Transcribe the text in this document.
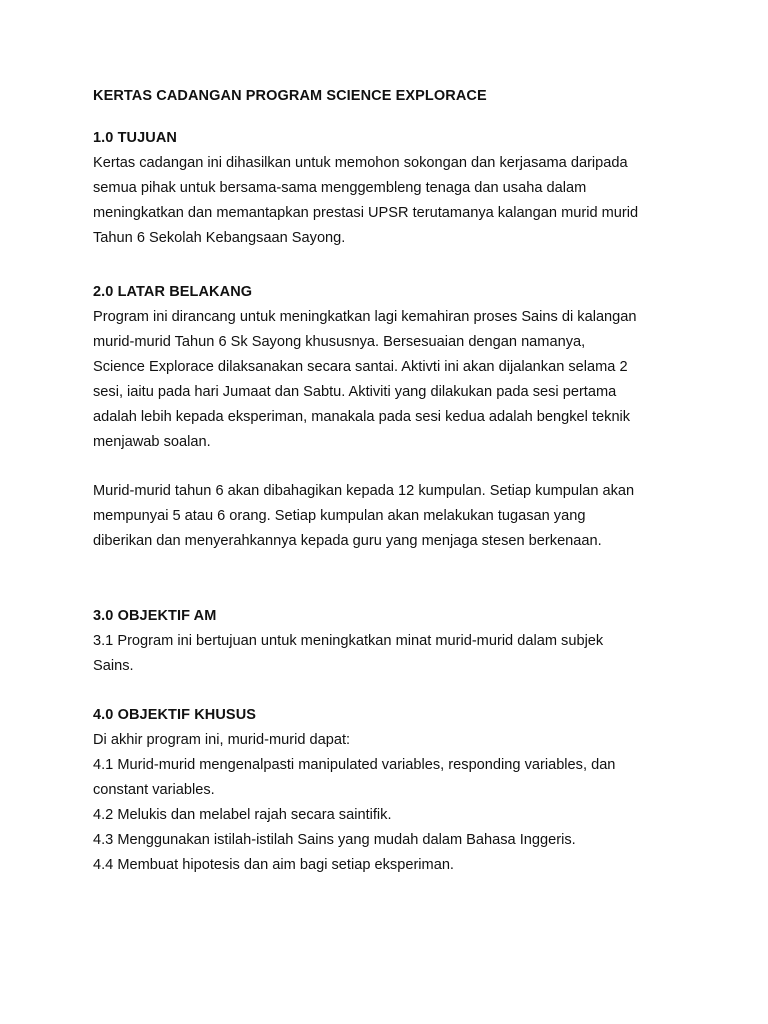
KERTAS CADANGAN PROGRAM SCIENCE EXPLORACE
1.0 TUJUAN

Kertas cadangan ini dihasilkan untuk memohon sokongan dan kerjasama daripada
semua pihak untuk bersama-sama menggembleng tenaga dan usaha dalam
meningkatkan dan memantapkan prestasi UPSR terutamanya kalangan murid murid
Tahun 6 Sekolah Kebangsaan Sayong.

2.0 LATAR BELAKANG

Program ini dirancang untuk meningkatkan lagi kemahiran proses Sains di kalangan
murid-murid Tahun 6 Sk Sayong khususnya. Bersesuaian dengan namanya,
Science Explorace dilaksanakan secara santai. Aktivti ini akan dijalankan selama 2
sesi, iaitu pada hari Jumaat dan Sabtu. Aktiviti yang dilakukan pada sesi pertama
adalah lebih kepada eksperiman, manakala pada sesi kedua adalah bengkel teknik
menjawab soalan.

Murid-murid tahun 6 akan dibahagikan kepada 12 kumpulan. Setiap kumpulan akan
mempunyai 5 atau 6 orang. Setiap kumpulan akan melakukan tugasan yang
diberikan dan menyerahkannya kepada guru yang menjaga stesen berkenaan.

3.0 OBJEKTIF AM

3.1 Program ini bertujuan untuk meningkatkan minat murid-murid dalam subjek
Sains.

4.0 OBJEKTIF KHUSUS

Di akhir program ini, murid-murid dapat:
4.1 Murid-murid mengenalpasti manipulated variables, responding variables, dan
constant variables.
4.2 Melukis dan melabel rajah secara saintifik.
4.3 Menggunakan istilah-istilah Sains yang mudah dalam Bahasa Inggeris.
4.4 Membuat hipotesis dan aim bagi setiap eksperiman.
